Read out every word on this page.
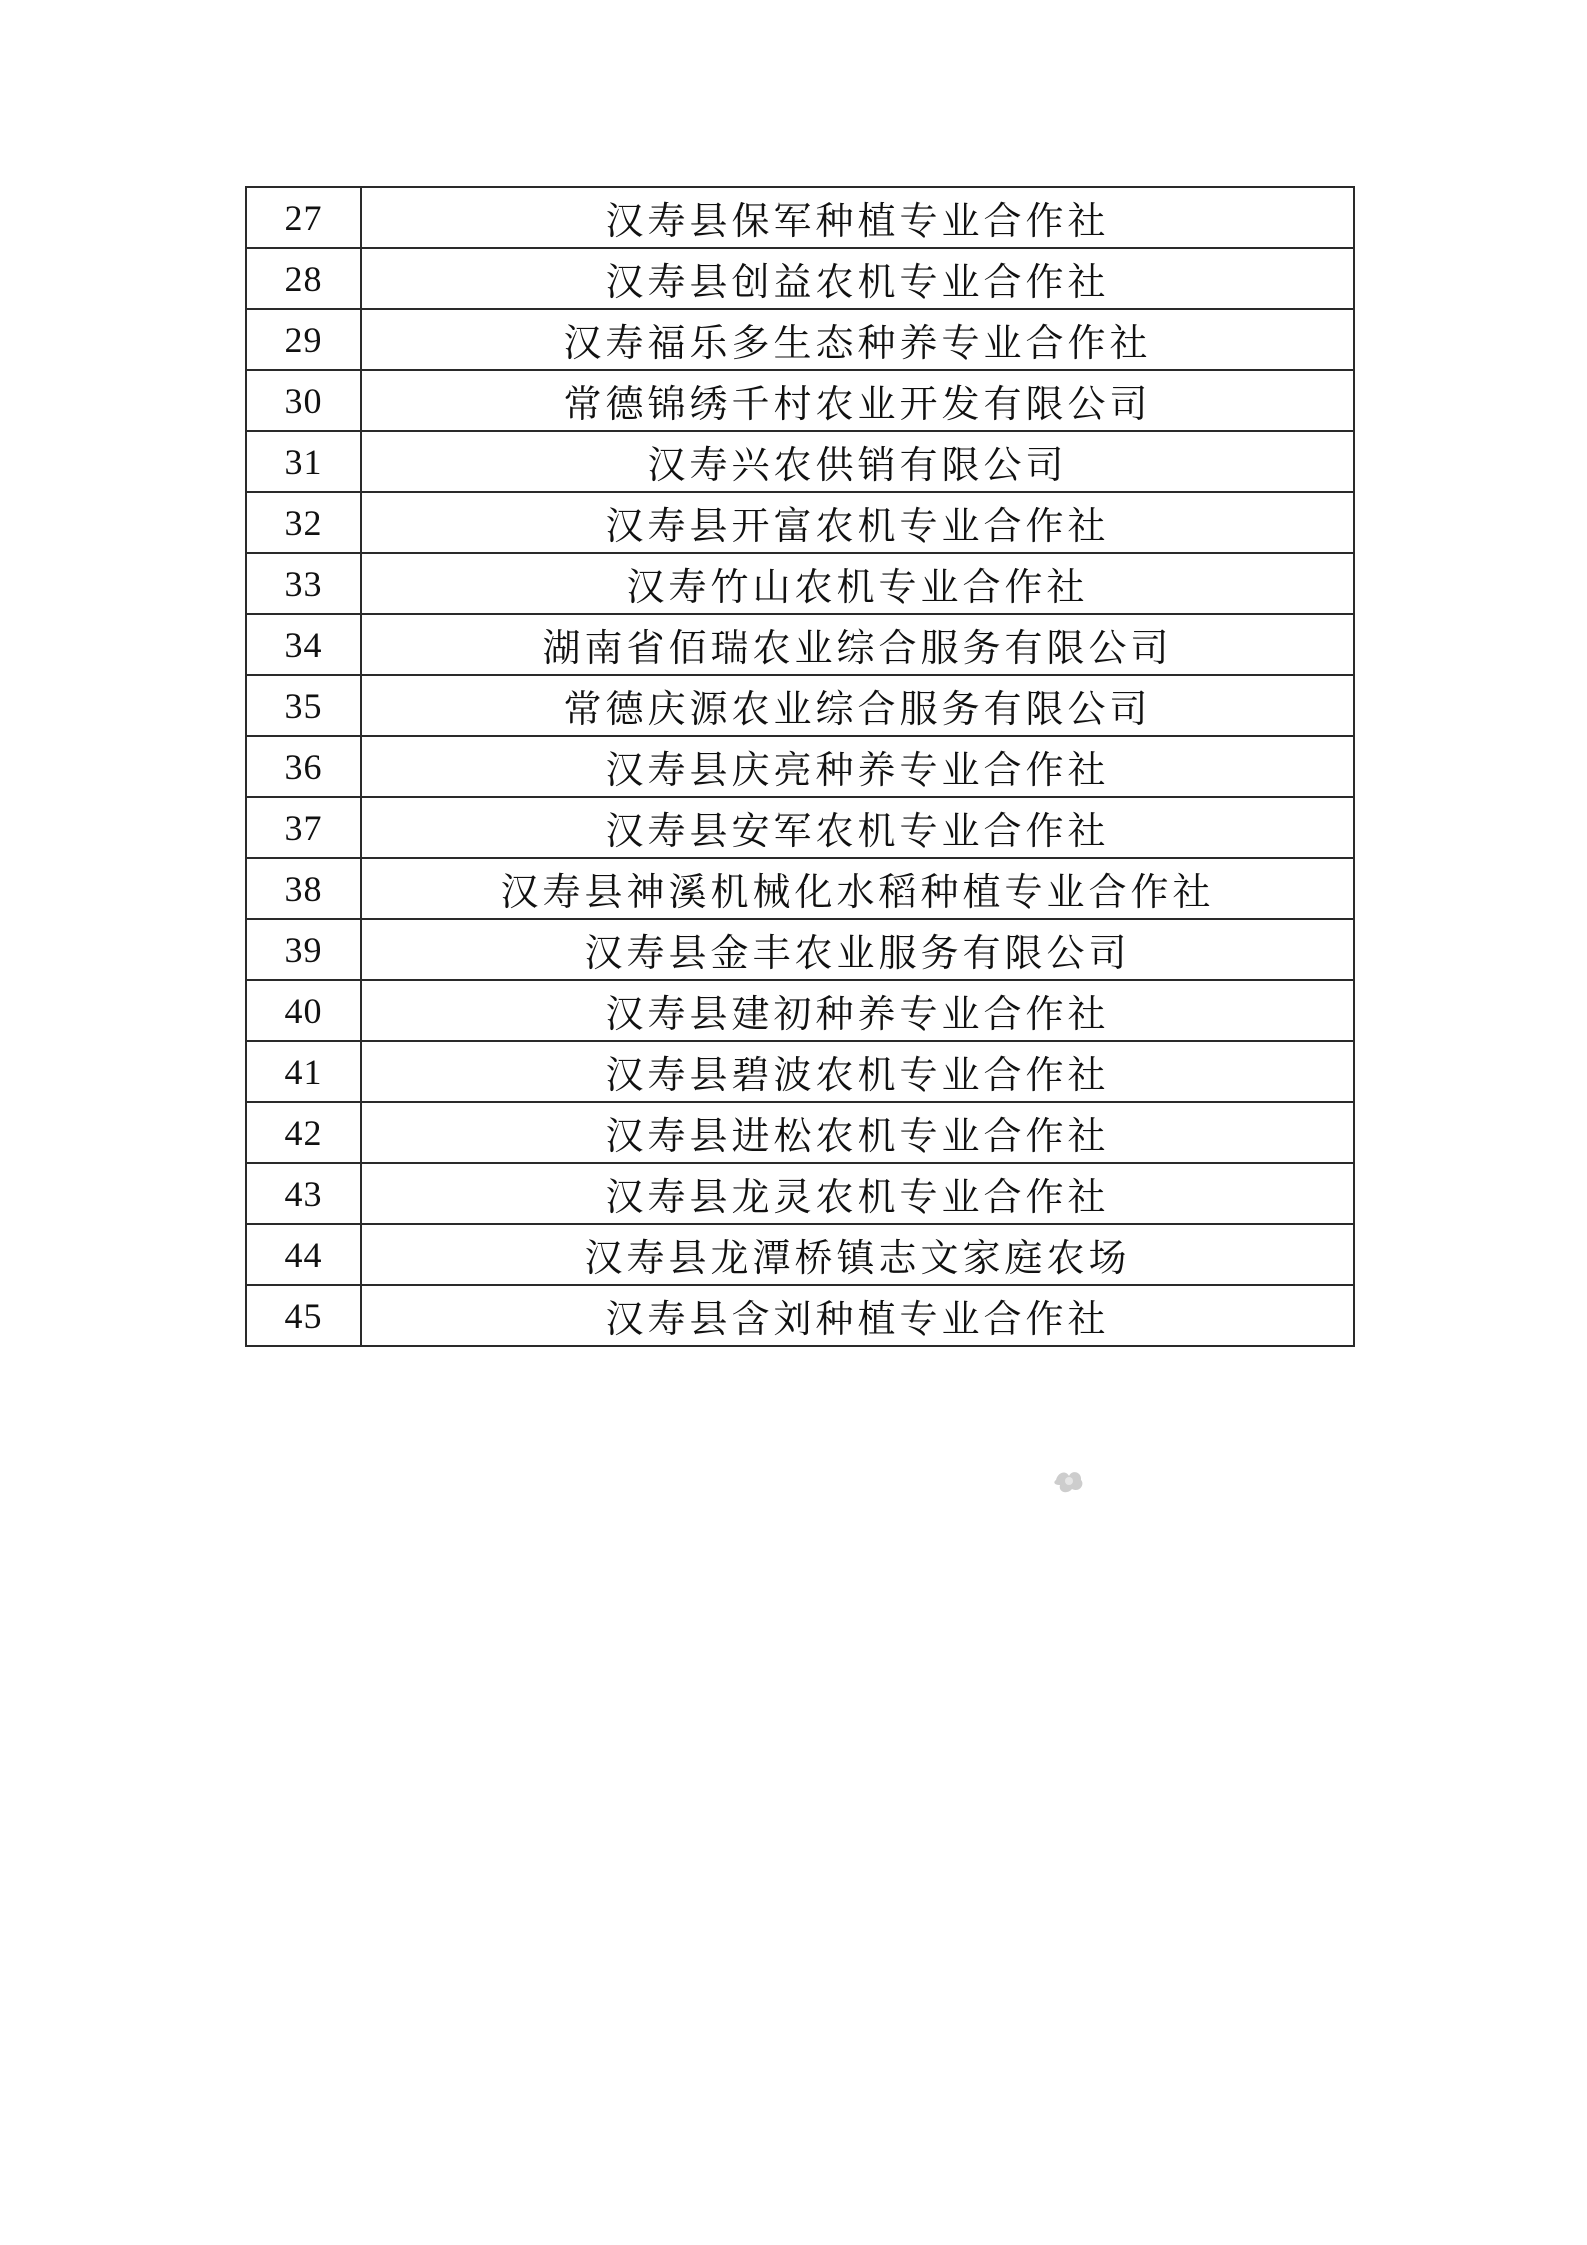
27	汉寿县保军种植专业合作社
28	汉寿县创益农机专业合作社
29	汉寿福乐多生态种养专业合作社
30	常德锦绣千村农业开发有限公司
31	汉寿兴农供销有限公司
32	汉寿县开富农机专业合作社
33	汉寿竹山农机专业合作社
34	湖南省佰瑞农业综合服务有限公司
35	常德庆源农业综合服务有限公司
36	汉寿县庆亮种养专业合作社
37	汉寿县安军农机专业合作社
38	汉寿县神溪机械化水稻种植专业合作社
39	汉寿县金丰农业服务有限公司
40	汉寿县建初种养专业合作社
41	汉寿县碧波农机专业合作社
42	汉寿县进松农机专业合作社
43	汉寿县龙灵农机专业合作社
44	汉寿县龙潭桥镇志文家庭农场
45	汉寿县含刘种植专业合作社
